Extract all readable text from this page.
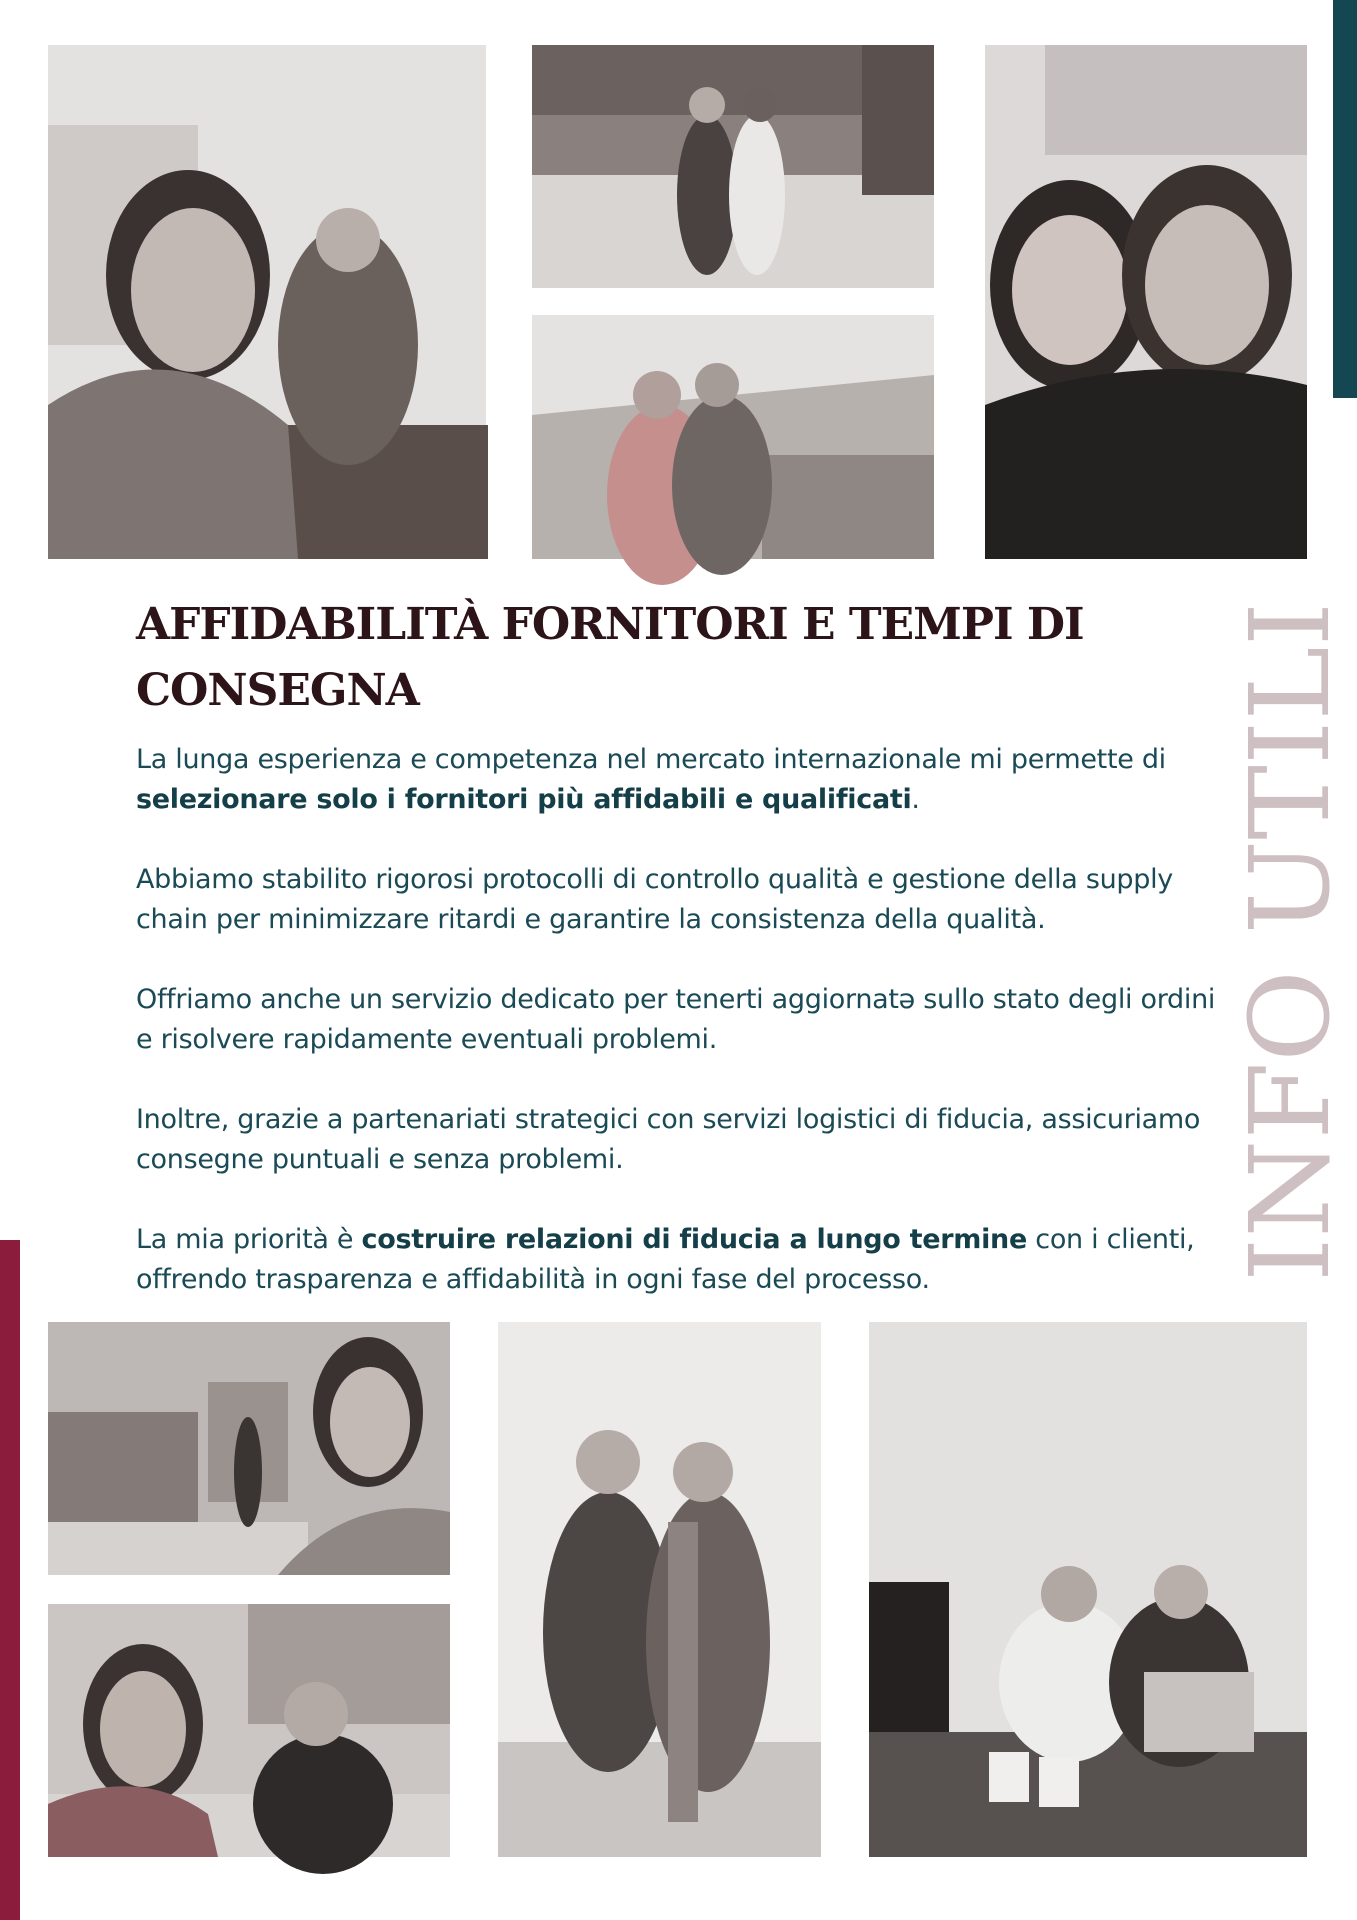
AFFIDABILITÀ FORNITORI E TEMPI DI CONSEGNA

La lunga esperienza e competenza nel mercato internazionale mi permette di selezionare solo i fornitori più affidabili e qualificati.

Abbiamo stabilito rigorosi protocolli di controllo qualità e gestione della supply chain per minimizzare ritardi e garantire la consistenza della qualità.

Offriamo anche un servizio dedicato per tenerti aggiornatə sullo stato degli ordini e risolvere rapidamente eventuali problemi.

Inoltre, grazie a partenariati strategici con servizi logistici di fiducia, assicuriamo consegne puntuali e senza problemi.

La mia priorità è costruire relazioni di fiducia a lungo termine con i clienti, offrendo trasparenza e affidabilità in ogni fase del processo.	INFO UTILI
